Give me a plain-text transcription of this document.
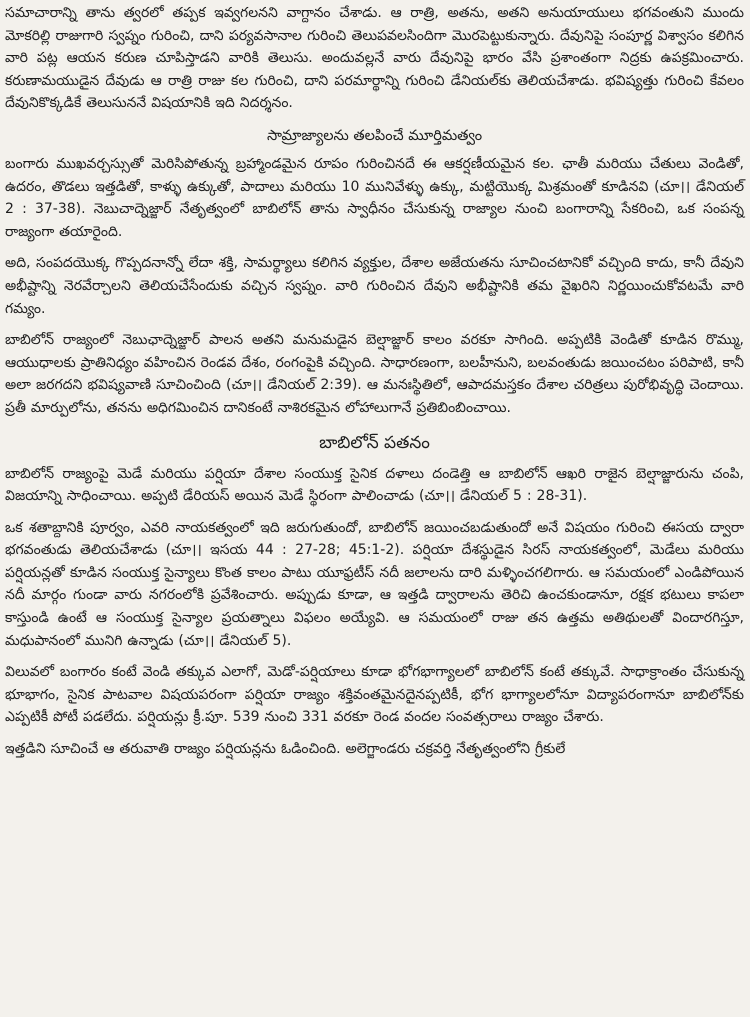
సమాచారాన్ని తాను త్వరలో తప్పక ఇవ్వగలనని వాగ్దానం చేశాడు. ఆ రాత్రి, అతను, అతని అనుయాయులు భగవంతుని ముందు మోకరిల్లి రాజుగారి స్వప్నం గురించి, దాని పర్యవసానాల గురించి తెలుపవలసిందిగా మొరపెట్టుకున్నారు. దేవునిపై సంపూర్ణ విశ్వాసం కలిగిన వారి పట్ల ఆయన కరుణ చూపిస్తాడని వారికి తెలుసు. అందువల్లనే వారు దేవునిపై భారం వేసి ప్రశాంతంగా నిద్రకు ఉపక్రమించారు. కరుణామయుడైన దేవుడు ఆ రాత్రి రాజు కల గురించి, దాని పరమార్థాన్ని గురించి డేనియల్‌కు తెలియచేశాడు. భవిష్యత్తు గురించి కేవలం దేవునికొక్కడికే తెలుసుననే విషయానికి ఇది నిదర్శనం.

సామ్రాజ్యాలను తలపించే మూర్తిమత్వం

బంగారు ముఖవర్చస్సుతో మెరిసిపోతున్న బ్రహ్మాండమైన రూపం గురించినదే ఈ ఆకర్షణీయమైన కల. ఛాతీ మరియు చేతులు వెండితో, ఉదరం, తొడలు ఇత్తడితో, కాళ్ళు ఉక్కుతో, పాదాలు మరియు 10 మునివేళ్ళు ఉక్కు, మట్టియొక్క మిశ్రమంతో కూడినవి (చూ।। డేనియల్ 2 : 37-38). నెబుచాద్నెజ్జార్ నేతృత్వంలో బాబిలోన్ తాను స్వాధీనం చేసుకున్న రాజ్యాల నుంచి బంగారాన్ని సేకరించి, ఒక సంపన్న రాజ్యంగా తయారైంది.

అది, సంపదయొక్క గొప్పదనాన్నో లేదా శక్తి, సామర్థ్యాలు కలిగిన వ్యక్తుల, దేశాల అజేయతను సూచించటానికో వచ్చింది కాదు, కానీ దేవుని అభీష్టాన్ని నెరవేర్చాలని తెలియచేసేందుకు వచ్చిన స్వప్నం. వారి గురించిన దేవుని అభీష్టానికి తమ వైఖరిని నిర్ణయించుకోవటమే వారి గమ్యం.

బాబిలోన్ రాజ్యంలో నెబుఛాద్నెజ్జార్ పాలన అతని మనుమడైన బెల్షాజ్జార్ కాలం వరకూ సాగింది. అప్పటికి వెండితో కూడిన రొమ్ము, ఆయుధాలకు ప్రాతినిధ్యం వహించిన రెండవ దేశం, రంగంపైకి వచ్చింది. సాధారణంగా, బలహీనుని, బలవంతుడు జయించటం పరిపాటి, కానీ అలా జరగదని భవిష్యవాణి సూచించింది (చూ।। డేనియల్ 2:39). ఆ మనఃస్థితిలో, ఆపాదమస్తకం దేశాల చరిత్రలు పురోభివృద్ధి చెందాయి. ప్రతీ మార్పులోను, తనను అధిగమించిన దానికంటే నాశిరకమైన లోహాలుగానే ప్రతిబింబించాయి.

బాబిలోన్ పతనం

బాబిలోన్ రాజ్యంపై మెడే మరియు పర్షియా దేశాల సంయుక్త సైనిక దళాలు దండెత్తి ఆ బాబిలోన్ ఆఖరి రాజైన బెల్షాజ్జారును చంపి, విజయాన్ని సాధించాయి. అప్పటి డేరియస్ అయిన మెడే స్థిరంగా పాలించాడు (చూ।। డేనియల్ 5 : 28-31).

ఒక శతాబ్దానికి పూర్వం, ఎవరి నాయకత్వంలో ఇది జరుగుతుందో, బాబిలోన్ జయించబడుతుందో అనే విషయం గురించి ఈసయ ద్వారా భగవంతుడు తెలియచేశాడు (చూ।। ఇసయ 44 : 27-28; 45:1-2). పర్షియా దేశస్థుడైన సిరస్ నాయకత్వంలో, మెడేలు మరియు పర్షియన్లతో కూడిన సంయుక్త సైన్యాలు కొంత కాలం పాటు యూఫ్రటీస్ నదీ జలాలను దారి మళ్ళించగలిగారు. ఆ సమయంలో ఎండిపోయిన నదీ మార్గం గుండా వారు నగరంలోకి ప్రవేశించారు. అప్పుడు కూడా, ఆ ఇత్తడి ద్వారాలను తెరిచి ఉంచకుండానూ, రక్షక భటులు కాపలా కాస్తుండి ఉంటే ఆ సంయుక్త సైన్యాల ప్రయత్నాలు విఫలం అయ్యేవి. ఆ సమయంలో రాజు తన ఉత్తమ అతిథులతో విందారగిస్తూ, మధుపానంలో మునిగి ఉన్నాడు (చూ।। డేనియల్ 5).

విలువలో బంగారం కంటే వెండి తక్కువ ఎలాగో, మెడో-పర్షియాలు కూడా భోగభాగ్యాలలో బాబిలోన్ కంటే తక్కువే. సాధాక్రాంతం చేసుకున్న భూభాగం, సైనిక పాటవాల విషయపరంగా పర్షియా రాజ్యం శక్తివంతమైనదైనప్పటికీ, భోగ భాగ్యాలలోనూ విద్యాపరంగానూ బాబిలోన్‌కు ఎప్పటికీ పోటీ పడలేదు. పర్షియన్లు క్రీ.పూ. 539 నుంచి 331 వరకూ రెండ వందల సంవత్సరాలు రాజ్యం చేశారు.

ఇత్తడిని సూచించే ఆ తరువాతి రాజ్యం పర్షియన్లను ఓడించింది. అలెగ్జాండరు చక్రవర్తి నేతృత్వంలోని గ్రీకులే
